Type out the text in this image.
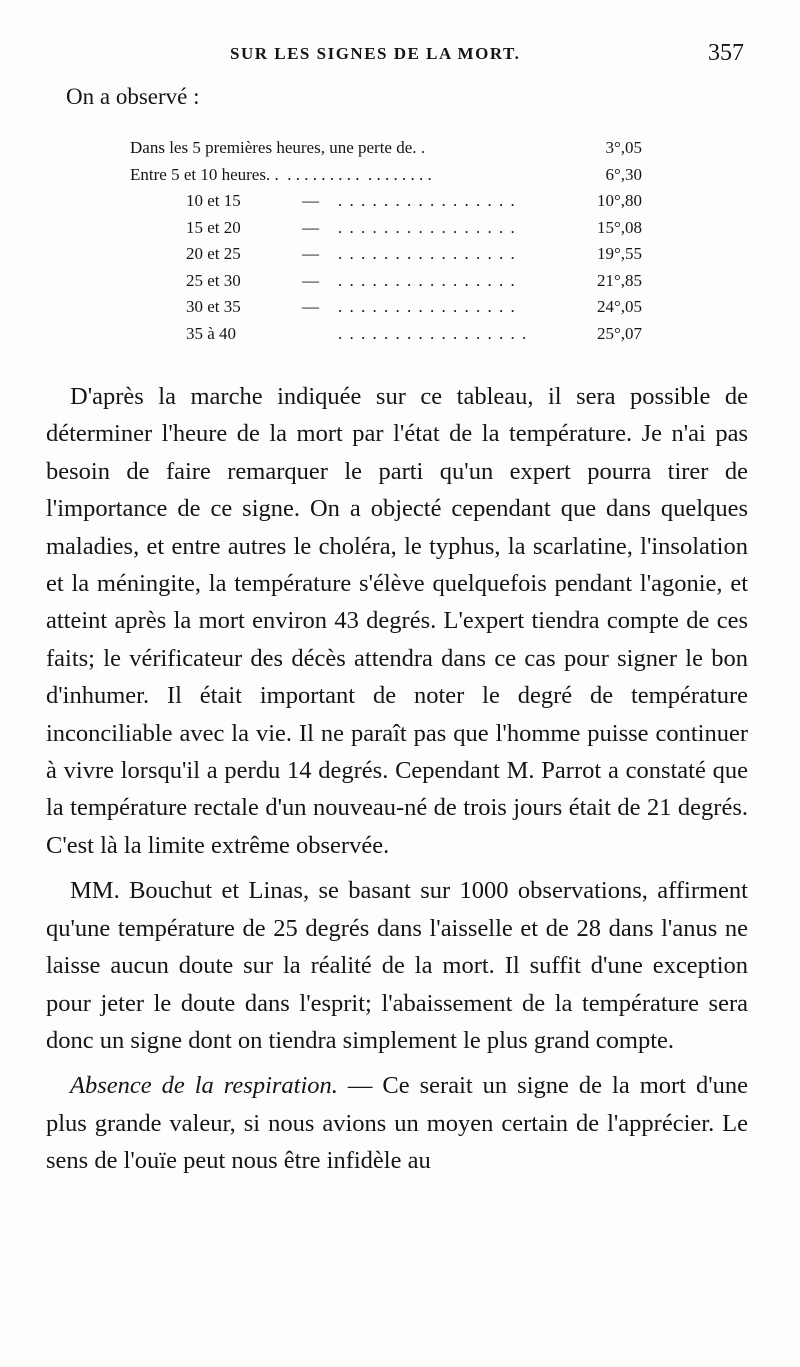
SUR LES SIGNES DE LA MORT.	357
On a observé :
Dans les 5 premières heures, une perte de. .	3°,05
Entre 5 et 10 heures. .  . . . . . . . . .  . . . . . . . .	6°,30
10 et 15	— . . . . . . . . . . . . . . . .	10°,80
15 et 20	— . . . . . . . . . . . . . . . .	15°,08
20 et 25	— . . . . . . . . . . . . . . . .	19°,55
25 et 30	— . . . . . . . . . . . . . . . .	21°,85
30 et 35	— . . . . . . . . . . . . . . . .	24°,05
35 à 40	. . . . . . . . . . . . . . . . .	25°,07

D'après la marche indiquée sur ce tableau, il sera possible de déterminer l'heure de la mort par l'état de la température. Je n'ai pas besoin de faire remarquer le parti qu'un expert pourra tirer de l'importance de ce signe. On a objecté cependant que dans quelques maladies, et entre autres le choléra, le typhus, la scarlatine, l'insolation et la méningite, la température s'élève quelquefois pendant l'agonie, et atteint après la mort environ 43 degrés. L'expert tiendra compte de ces faits; le vérificateur des décès attendra dans ce cas pour signer le bon d'inhumer. Il était important de noter le degré de température inconciliable avec la vie. Il ne paraît pas que l'homme puisse continuer à vivre lorsqu'il a perdu 14 degrés. Cependant M. Parrot a constaté que la température rectale d'un nouveau-né de trois jours était de 21 degrés. C'est là la limite extrême observée.

MM. Bouchut et Linas, se basant sur 1000 observations, affirment qu'une température de 25 degrés dans l'aisselle et de 28 dans l'anus ne laisse aucun doute sur la réalité de la mort. Il suffit d'une exception pour jeter le doute dans l'esprit; l'abaissement de la température sera donc un signe dont on tiendra simplement le plus grand compte.

Absence de la respiration. — Ce serait un signe de la mort d'une plus grande valeur, si nous avions un moyen certain de l'apprécier. Le sens de l'ouïe peut nous être infidèle au
